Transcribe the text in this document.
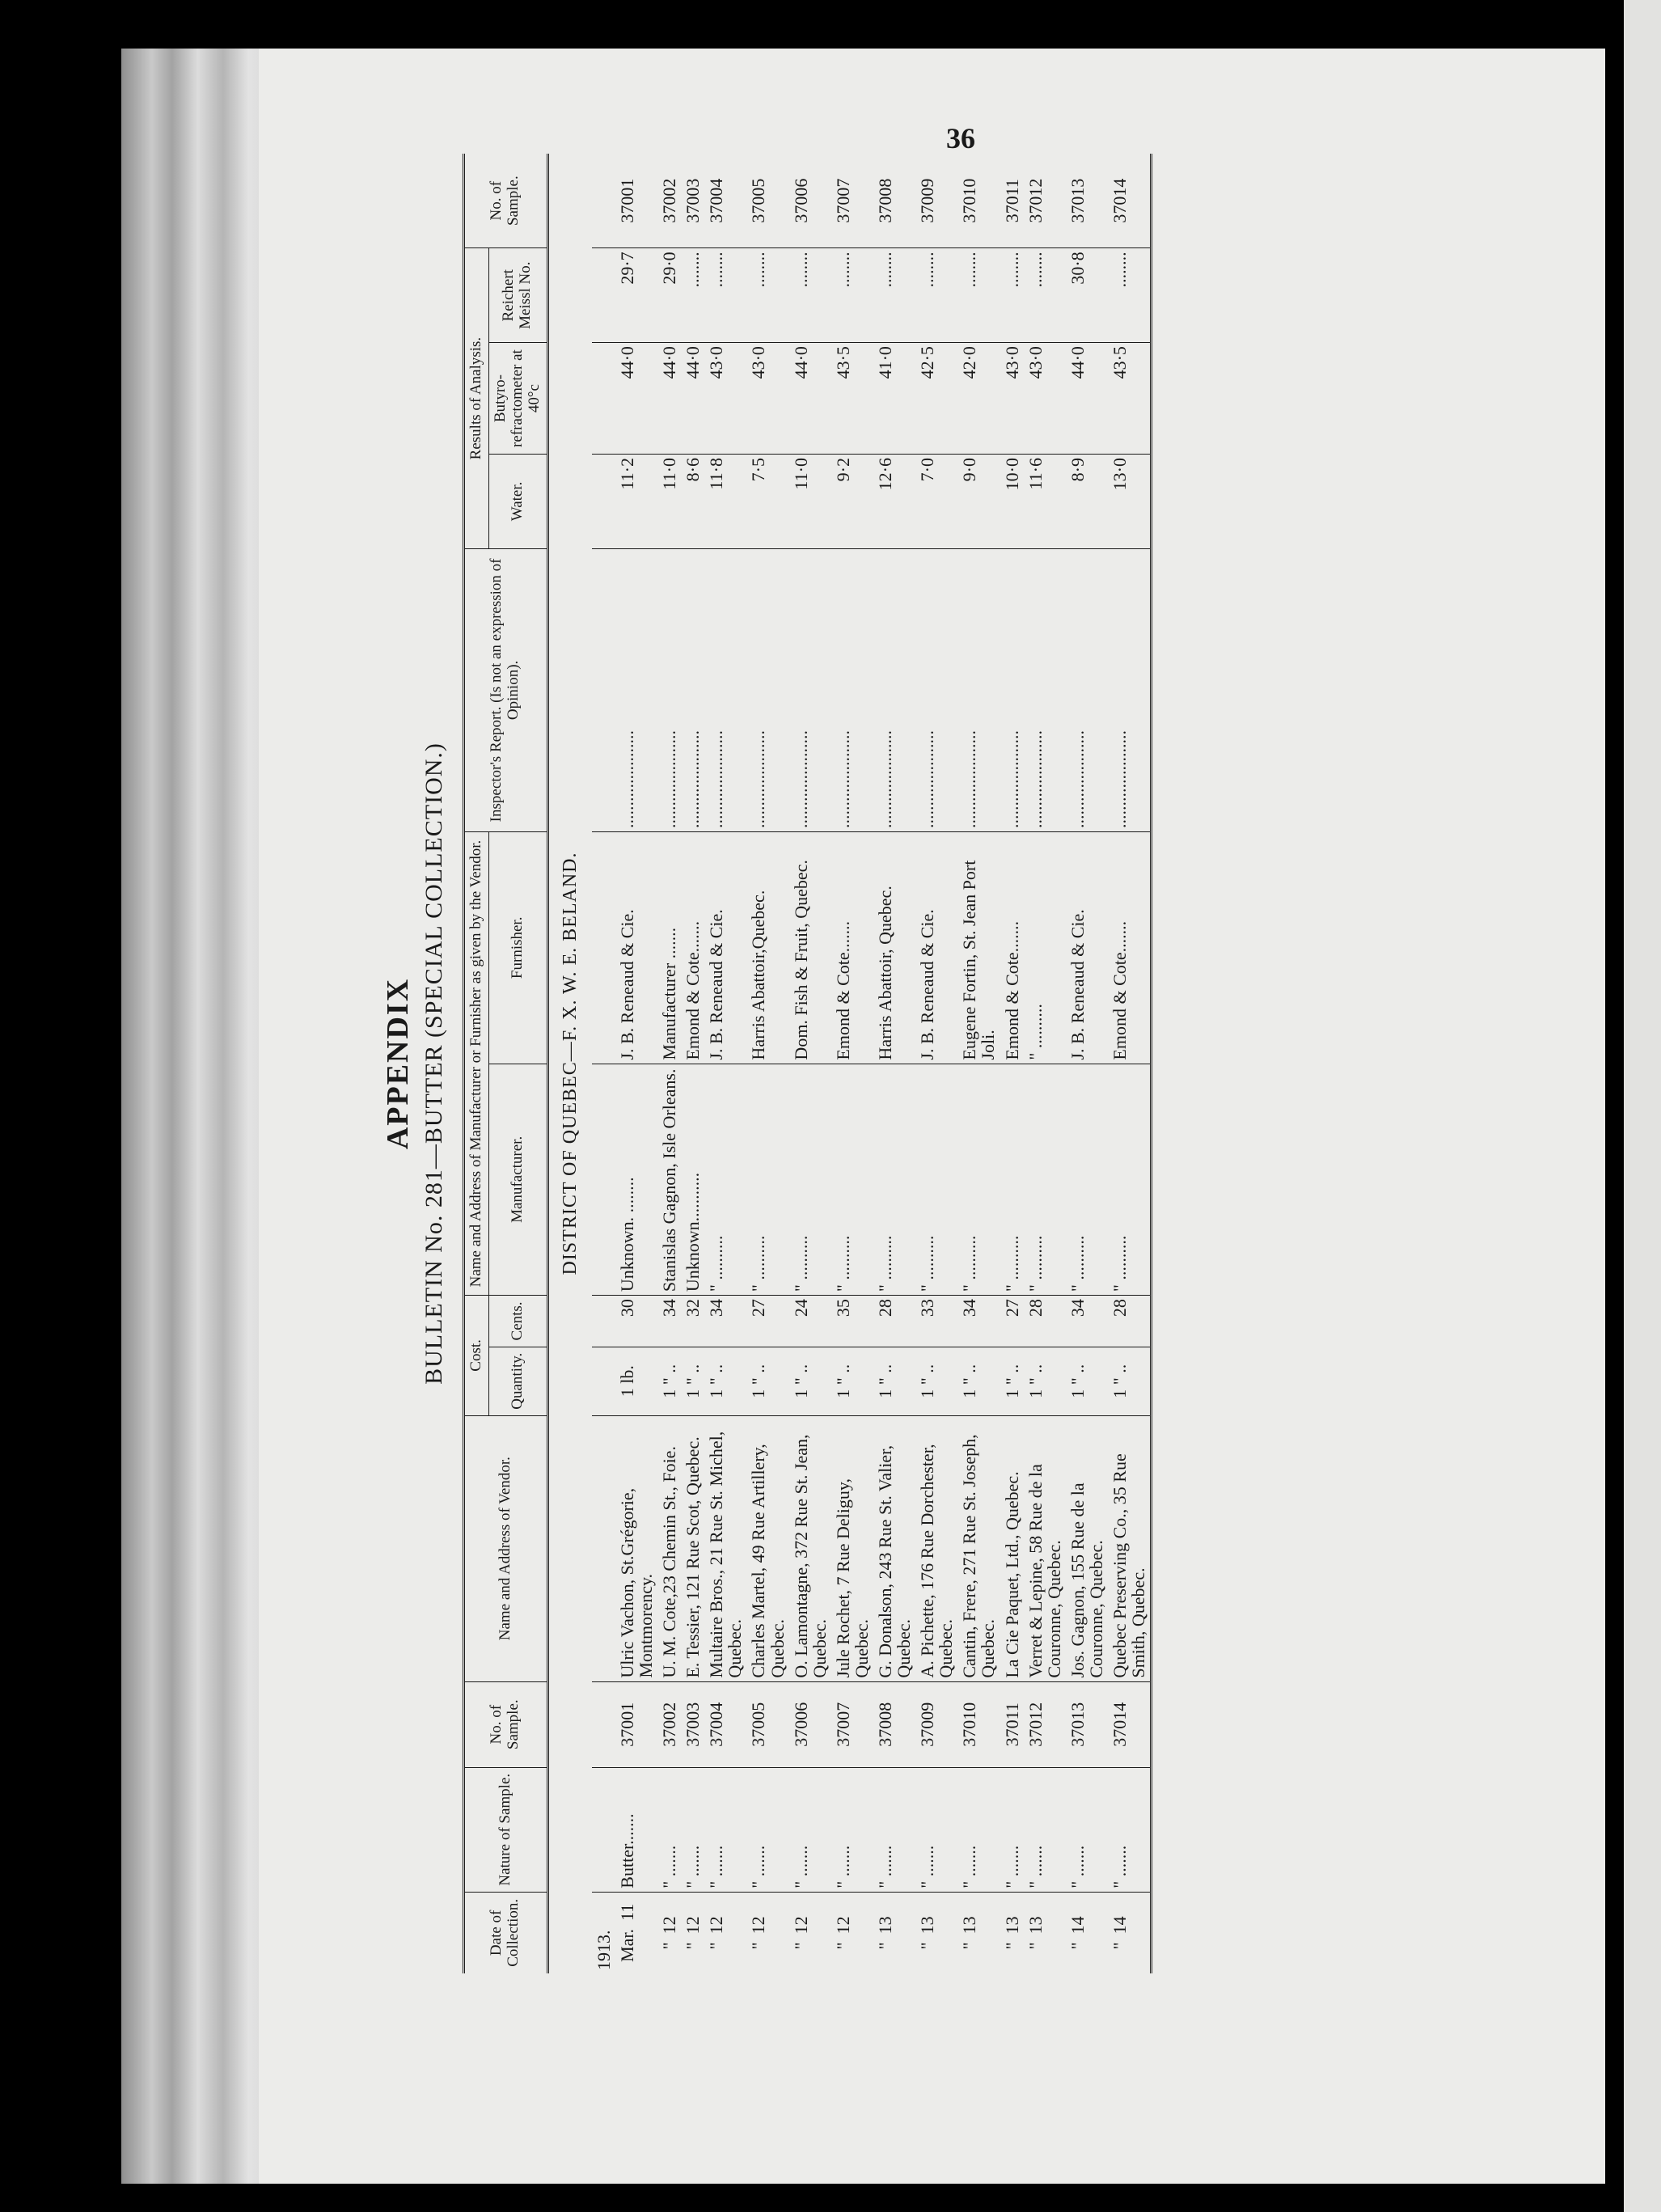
36
APPENDIX BULLETIN No. 281—BUTTER (SPECIAL COLLECTION.)
Date of Collection.	Nature of Sample.	No. of Sample.	Name and Address of Vendor.	Cost.		Name and Address of Manufacturer or Furnisher as given by the Vendor.		Inspector's Report. (Is not an expression of Opinion).	Results of Analysis.			No. of Sample.
				Quantity.	Cents.	Manufacturer.	Furnisher.		Water.	Butyro-refractometer at 40°c	Reichert Meissl No.	
DISTRICT OF QUEBEC—F. X. W. E. BELAND.												
1913.												
Mar.11	Butter.......	37001	Ulric Vachon, St.Grégorie, Montmorency.	1 lb.	30	Unknown. ........	J. B. Reneaud & Cie.	......................	11·2	44·0	29·7	37001
"12	" .......	37002	U. M. Cote,23 Chemin St., Foie.	1 " ..	34	Stanislas Gagnon, Isle Orleans.	Manufacturer .......	......................	11·0	44·0	29·0	37002
"12	" .......	37003	E. Tessier, 121 Rue Scot, Quebec.	1 " ..	32	Unknown...........	Emond & Cote.......	......................	8·6	44·0	........	37003
"12	" .......	37004	Multaire Bros., 21 Rue St. Michel, Quebec.	1 " ..	34	" ..........	J. B. Reneaud & Cie.	......................	11·8	43·0	........	37004
"12	" .......	37005	Charles Martel, 49 Rue Artillery, Quebec.	1 " ..	27	" ..........	Harris Abattoir,Quebec.	......................	7·5	43·0	........	37005
"12	" .......	37006	O. Lamontagne, 372 Rue St. Jean, Quebec.	1 " ..	24	" ..........	Dom. Fish & Fruit, Quebec.	......................	11·0	44·0	........	37006
"12	" .......	37007	Jule Rochet, 7 Rue Deliguy, Quebec.	1 " ..	35	" ..........	Emond & Cote.......	......................	9·2	43·5	........	37007
"13	" .......	37008	G. Donalson, 243 Rue St. Valier, Quebec.	1 " ..	28	" ..........	Harris Abattoir, Quebec.	......................	12·6	41·0	........	37008
"13	" .......	37009	A. Pichette, 176 Rue Dorchester, Quebec.	1 " ..	33	" ..........	J. B. Reneaud & Cie.	......................	7·0	42·5	........	37009
"13	" .......	37010	Cantin, Frere, 271 Rue St. Joseph, Quebec.	1 " ..	34	" ..........	Eugene Fortin, St. Jean Port Joli.	......................	9·0	42·0	........	37010
"13	" .......	37011	La Cie Paquet, Ltd., Quebec.	1 " ..	27	" ..........	Emond & Cote.......	......................	10·0	43·0	........	37011
"13	" .......	37012	Verret & Lepine, 58 Rue de la Couronne, Quebec.	1 " ..	28	" ..........	" ..........	......................	11·6	43·0	........	37012
"14	" .......	37013	Jos. Gagnon, 155 Rue de la Couronne, Quebec.	1 " ..	34	" ..........	J. B. Reneaud & Cie.	......................	8·9	44·0	30·8	37013
"14	" .......	37014	Quebec Preserving Co., 35 Rue Smith, Quebec.	1 " ..	28	" ..........	Emond & Cote.......	......................	13·0	43·5	........	37014
